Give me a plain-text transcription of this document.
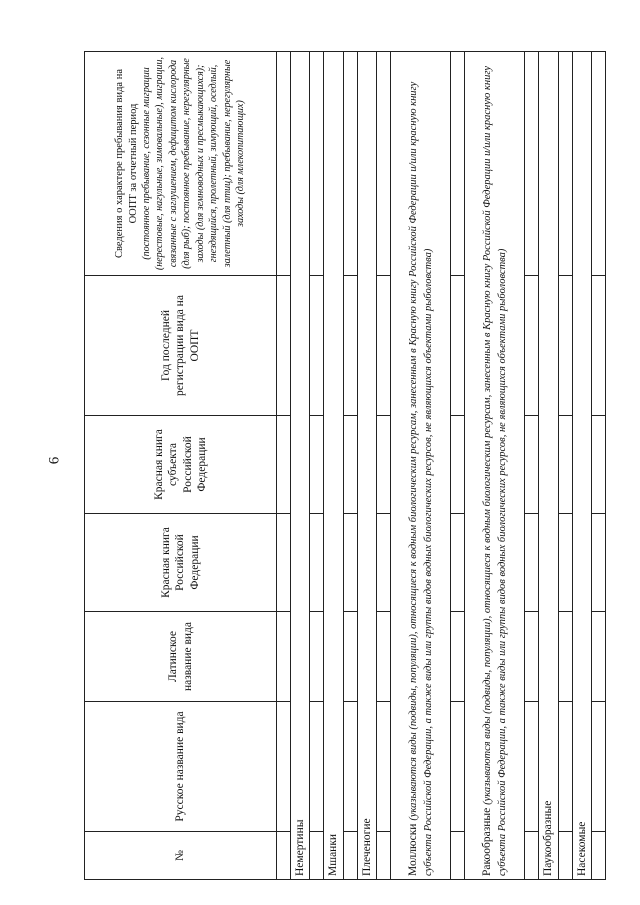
6
№	Русское название вида	Латинское название вида	Красная книга Российской Федерации	Красная книга субъекта Российской Федерации	Год последней регистрации вида на ООПТ	Сведения о характере пребывания вида на ООПТ за отчетный период (постоянное пребывание, сезонные миграции (нерестовые, нагульные, зимовальные), миграции, связанные с заглушением, дефицитом кислорода (для рыб); постоянное пребывание, нерегулярные заходы (для земноводных и пресмыкающихся); гнездящийся, пролетный, зимующий, оседлый, залетный (для птиц); пребывание, нерегулярные заходы (для млекопитающих)

Немертины						

Мшанки						

Плеченогие						

Моллюски (указываются виды (подвиды, популяции), относящиеся к водным биологическим ресурсам, занесенным в Красную книгу Российской Федерации и/или красную книгу субъекта Российской Федерации, а также виды или группы видов водных биологических ресурсов, не являющихся объектами рыболовства)						

Ракообразные (указываются виды (подвиды, популяции), относящиеся к водным биологическим ресурсам, занесенным в Красную книгу Российской Федерации и/или красную книгу субъекта Российской Федерации, а также виды или группы видов водных биологических ресурсов, не являющихся объектами рыболовства)						

Паукообразные						

Насекомые						
